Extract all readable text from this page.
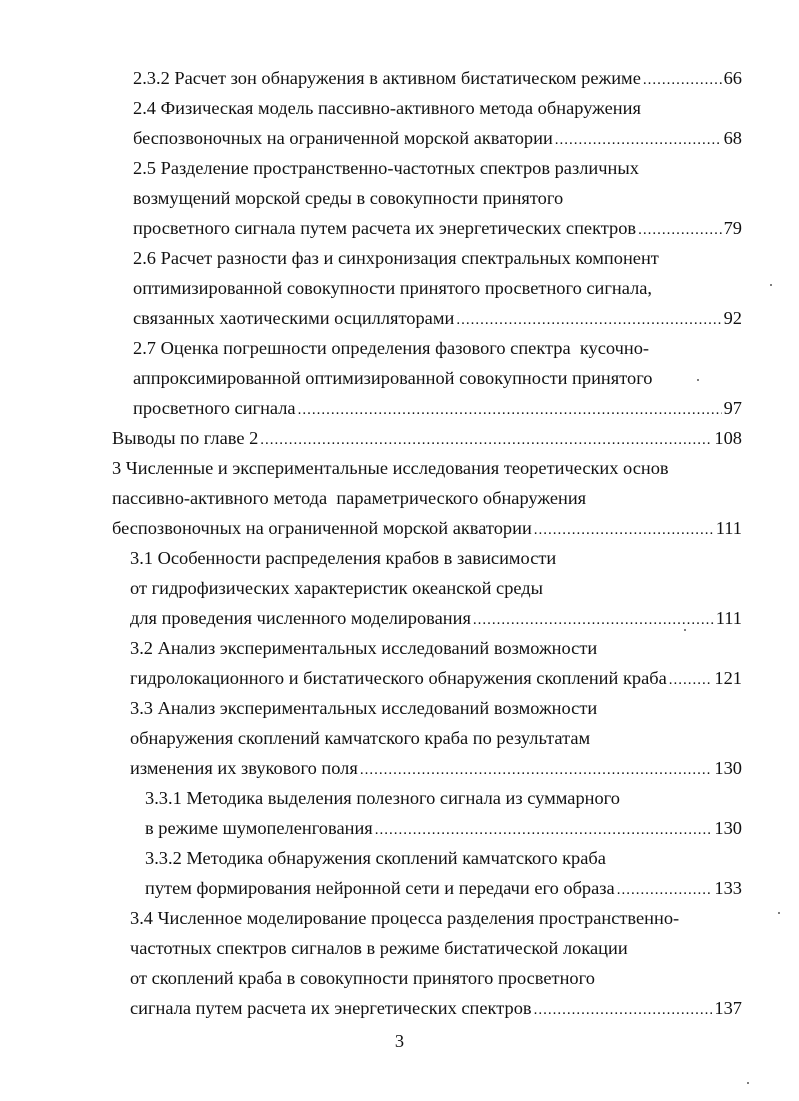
2.3.2 Расчет зон обнаружения в активном бистатическом режиме .....	66
2.4 Физическая модель пассивно-активного метода обнаружения
беспозвоночных на ограниченной морской акватории .....	68
2.5 Разделение пространственно-частотных спектров различных
возмущений морской среды в совокупности принятого
просветного сигнала путем расчета их энергетических спектров .....	79
2.6 Расчет разности фаз и синхронизация спектральных компонент
оптимизированной совокупности принятого просветного сигнала,
связанных хаотическими осцилляторами .....	92
2.7 Оценка погрешности определения фазового спектра  кусочно-
аппроксимированной оптимизированной совокупности принятого
просветного сигнала .....	97
Выводы по главе 2 .....	108
3 Численные и экспериментальные исследования теоретических основ
пассивно-активного метода  параметрического обнаружения
беспозвоночных на ограниченной морской акватории .....	111
3.1 Особенности распределения крабов в зависимости
от гидрофизических характеристик океанской среды
для проведения численного моделирования .....	111
3.2 Анализ экспериментальных исследований возможности
гидролокационного и бистатического обнаружения скоплений краба .....	121
3.3 Анализ экспериментальных исследований возможности
обнаружения скоплений камчатского краба по результатам
изменения их звукового поля .....	130
3.3.1 Методика выделения полезного сигнала из суммарного
в режиме шумопеленгования .....	130
3.3.2 Методика обнаружения скоплений камчатского краба
путем формирования нейронной сети и передачи его образа .....	133
3.4 Численное моделирование процесса разделения пространственно-
частотных спектров сигналов в режиме бистатической локации
от скоплений краба в совокупности принятого просветного
сигнала путем расчета их энергетических спектров .....	137
3
